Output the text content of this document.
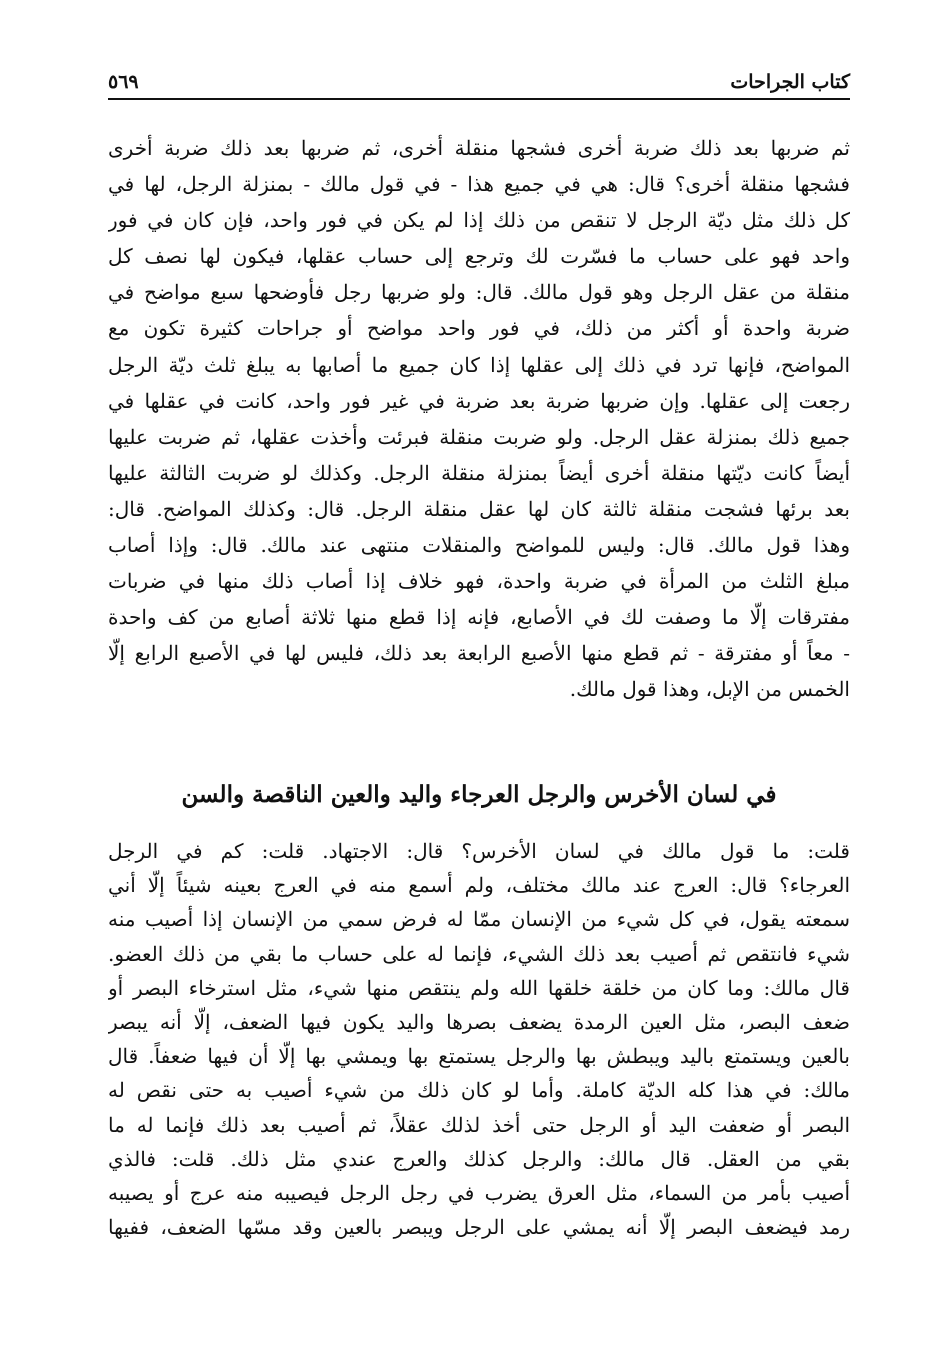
كتاب الجراحات
٥٦٩
ثم ضربها بعد ذلك ضربة أخرى فشجها منقلة أخرى، ثم ضربها بعد ذلك ضربة أخرى
فشجها منقلة أخرى؟ قال: هي في جميع هذا - في قول مالك - بمنزلة الرجل، لها في
كل ذلك مثل ديّة الرجل لا تنقص من ذلك إذا لم يكن في فور واحد، فإن كان في فور
واحد فهو على حساب ما فسّرت لك وترجع إلى حساب عقلها، فيكون لها نصف كل
منقلة من عقل الرجل وهو قول مالك. قال: ولو ضربها رجل فأوضحها سبع مواضح في
ضربة واحدة أو أكثر من ذلك، في فور واحد مواضح أو جراحات كثيرة تكون مع
المواضح، فإنها ترد في ذلك إلى عقلها إذا كان جميع ما أصابها به يبلغ ثلث ديّة الرجل
رجعت إلى عقلها. وإن ضربها ضربة بعد ضربة في غير فور واحد، كانت في عقلها في
جميع ذلك بمنزلة عقل الرجل. ولو ضربت منقلة فبرئت وأخذت عقلها، ثم ضربت عليها
أيضاً كانت ديّتها منقلة أخرى أيضاً بمنزلة منقلة الرجل. وكذلك لو ضربت الثالثة عليها
بعد برئها فشجت منقلة ثالثة كان لها عقل منقلة الرجل. قال: وكذلك المواضح. قال:
وهذا قول مالك. قال: وليس للمواضح والمنقلات منتهى عند مالك. قال: وإذا أصاب
مبلغ الثلث من المرأة في ضربة واحدة، فهو خلاف إذا أصاب ذلك منها في ضربات
مفترقات إلّا ما وصفت لك في الأصابع، فإنه إذا قطع منها ثلاثة أصابع من كف واحدة
- معاً أو مفترقة - ثم قطع منها الأصبع الرابعة بعد ذلك، فليس لها في الأصبع الرابع إلّا
الخمس من الإبل، وهذا قول مالك.
في لسان الأخرس والرجل العرجاء واليد والعين الناقصة والسن
قلت: ما قول مالك في لسان الأخرس؟ قال: الاجتهاد. قلت: كم في الرجل
العرجاء؟ قال: العرج عند مالك مختلف، ولم أسمع منه في العرج بعينه شيئاً إلّا أني
سمعته يقول، في كل شيء من الإنسان ممّا له فرض سمي من الإنسان إذا أصيب منه
شيء فانتقص ثم أصيب بعد ذلك الشيء، فإنما له على حساب ما بقي من ذلك العضو.
قال مالك: وما كان من خلقة خلقها الله ولم ينتقص منها شيء، مثل استرخاء البصر أو
ضعف البصر، مثل العين الرمدة يضعف بصرها واليد يكون فيها الضعف، إلّا أنه يبصر
بالعين ويستمتع باليد ويبطش بها والرجل يستمتع بها ويمشي بها إلّا أن فيها ضعفاً. قال
مالك: في هذا كله الديّة كاملة. وأما لو كان ذلك من شيء أصيب به حتى نقص له
البصر أو ضعفت اليد أو الرجل حتى أخذ لذلك عقلاً، ثم أصيب بعد ذلك فإنما له ما
بقي من العقل. قال مالك: والرجل كذلك والعرج عندي مثل ذلك. قلت: فالذي
أصيب بأمر من السماء، مثل العرق يضرب في رجل الرجل فيصيبه منه عرج أو يصيبه
رمد فيضعف البصر إلّا أنه يمشي على الرجل ويبصر بالعين وقد مسّها الضعف، ففيها
